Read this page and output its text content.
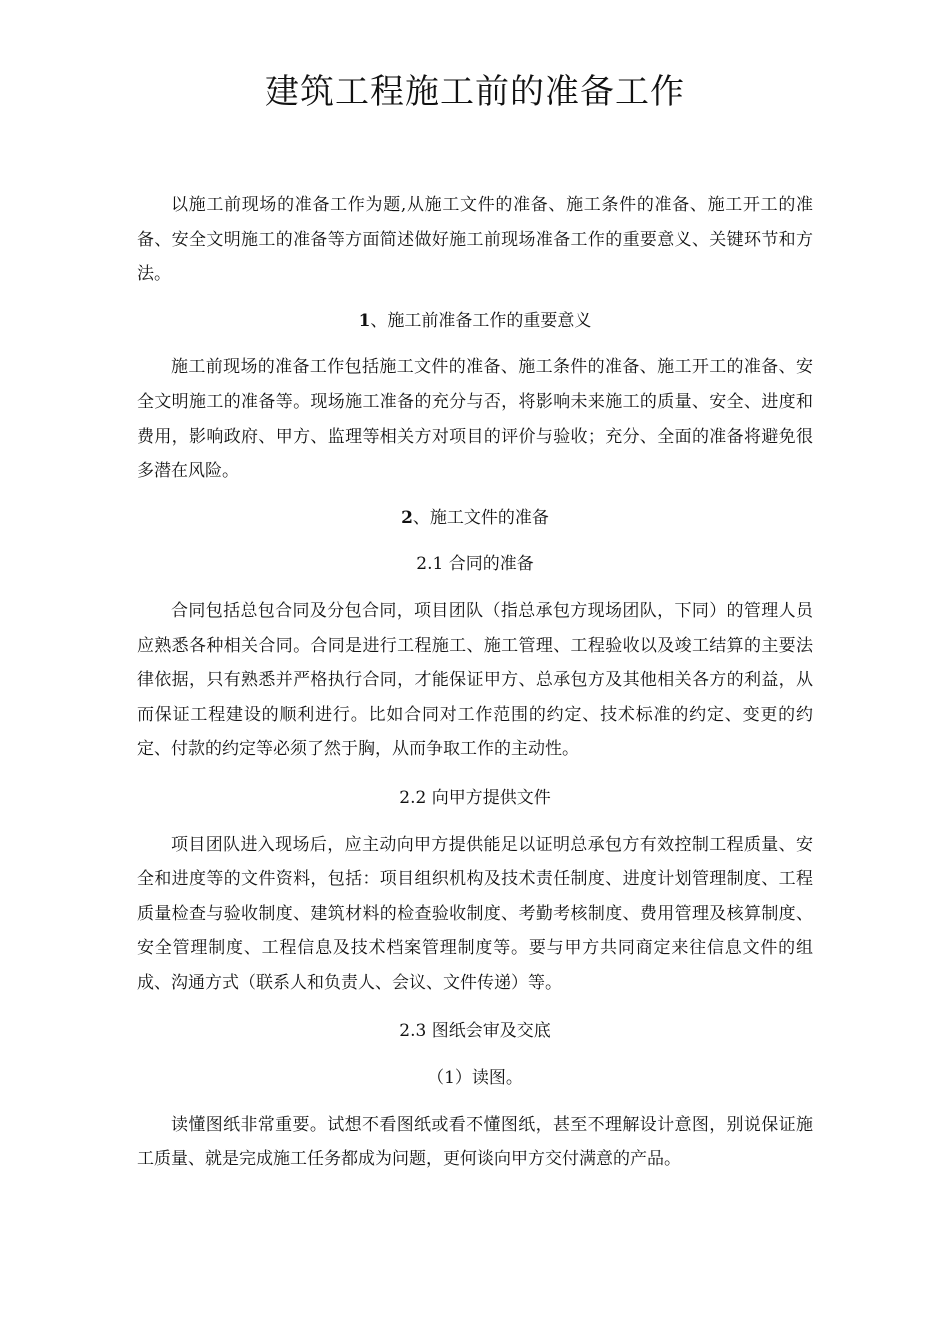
建筑工程施工前的准备工作

以施工前现场的准备工作为题,从施工文件的准备、施工条件的准备、施工开工的准备、安全文明施工的准备等方面简述做好施工前现场准备工作的重要意义、关键环节和方法。

1、施工前准备工作的重要意义

施工前现场的准备工作包括施工文件的准备、施工条件的准备、施工开工的准备、安全文明施工的准备等。现场施工准备的充分与否，将影响未来施工的质量、安全、进度和费用，影响政府、甲方、监理等相关方对项目的评价与验收；充分、全面的准备将避免很多潜在风险。

2、施工文件的准备

2.1 合同的准备

合同包括总包合同及分包合同，项目团队（指总承包方现场团队，下同）的管理人员应熟悉各种相关合同。合同是进行工程施工、施工管理、工程验收以及竣工结算的主要法律依据，只有熟悉并严格执行合同，才能保证甲方、总承包方及其他相关各方的利益，从而保证工程建设的顺利进行。比如合同对工作范围的约定、技术标准的约定、变更的约定、付款的约定等必须了然于胸，从而争取工作的主动性。

2.2 向甲方提供文件

项目团队进入现场后，应主动向甲方提供能足以证明总承包方有效控制工程质量、安全和进度等的文件资料，包括：项目组织机构及技术责任制度、进度计划管理制度、工程质量检查与验收制度、建筑材料的检查验收制度、考勤考核制度、费用管理及核算制度、安全管理制度、工程信息及技术档案管理制度等。要与甲方共同商定来往信息文件的组成、沟通方式（联系人和负责人、会议、文件传递）等。

2.3 图纸会审及交底

（1）读图。

读懂图纸非常重要。试想不看图纸或看不懂图纸，甚至不理解设计意图，别说保证施工质量、就是完成施工任务都成为问题，更何谈向甲方交付满意的产品。
